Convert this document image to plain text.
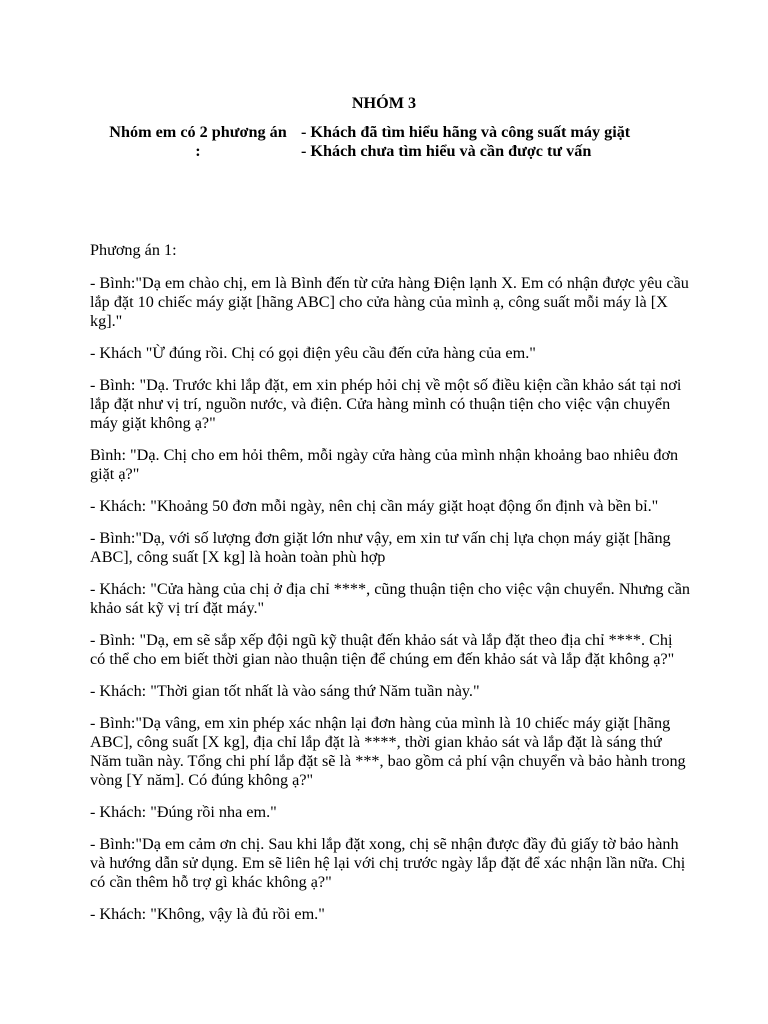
NHÓM 3
Nhóm em có 2 phương án :
- Khách đã tìm hiểu hãng và công suất máy giặt
- Khách chưa tìm hiểu và cần được tư vấn

Phương án 1:

- Bình:"Dạ em chào chị, em là Bình đến từ cửa hàng Điện lạnh X. Em có nhận được yêu cầu lắp đặt 10 chiếc máy giặt [hãng ABC] cho cửa hàng của mình ạ, công suất mỗi máy là [X kg]."

- Khách "Ừ đúng rồi. Chị có gọi điện yêu cầu đến cửa hàng của em."

- Bình: "Dạ. Trước khi lắp đặt, em xin phép hỏi chị về một số điều kiện cần khảo sát tại nơi lắp đặt như vị trí, nguồn nước, và điện. Cửa hàng mình có thuận tiện cho việc vận chuyển máy giặt không ạ?"

Bình: "Dạ. Chị cho em hỏi thêm, mỗi ngày cửa hàng của mình nhận khoảng bao nhiêu đơn giặt ạ?"

- Khách: "Khoảng 50 đơn mỗi ngày, nên chị cần máy giặt hoạt động ổn định và bền bỉ."

- Bình:"Dạ, với số lượng đơn giặt lớn như vậy, em xin tư vấn chị lựa chọn máy giặt [hãng ABC], công suất [X kg] là hoàn toàn phù hợp

- Khách: "Cửa hàng của chị ở địa chỉ ****, cũng thuận tiện cho việc vận chuyển. Nhưng cần khảo sát kỹ vị trí đặt máy."

- Bình: "Dạ, em sẽ sắp xếp đội ngũ kỹ thuật đến khảo sát và lắp đặt theo địa chỉ ****. Chị có thể cho em biết thời gian nào thuận tiện để chúng em đến khảo sát và lắp đặt không ạ?"

- Khách: "Thời gian tốt nhất là vào sáng thứ Năm tuần này."

- Bình:"Dạ vâng, em xin phép xác nhận lại đơn hàng của mình là 10 chiếc máy giặt [hãng ABC], công suất [X kg], địa chỉ lắp đặt là ****, thời gian khảo sát và lắp đặt là sáng thứ Năm tuần này. Tổng chi phí lắp đặt sẽ là ***, bao gồm cả phí vận chuyển và bảo hành trong vòng [Y năm]. Có đúng không ạ?"

- Khách: "Đúng rồi nha em."

- Bình:"Dạ em cảm ơn chị. Sau khi lắp đặt xong, chị sẽ nhận được đầy đủ giấy tờ bảo hành và hướng dẫn sử dụng. Em sẽ liên hệ lại với chị trước ngày lắp đặt để xác nhận lần nữa. Chị có cần thêm hỗ trợ gì khác không ạ?"

- Khách: "Không, vậy là đủ rồi em."
